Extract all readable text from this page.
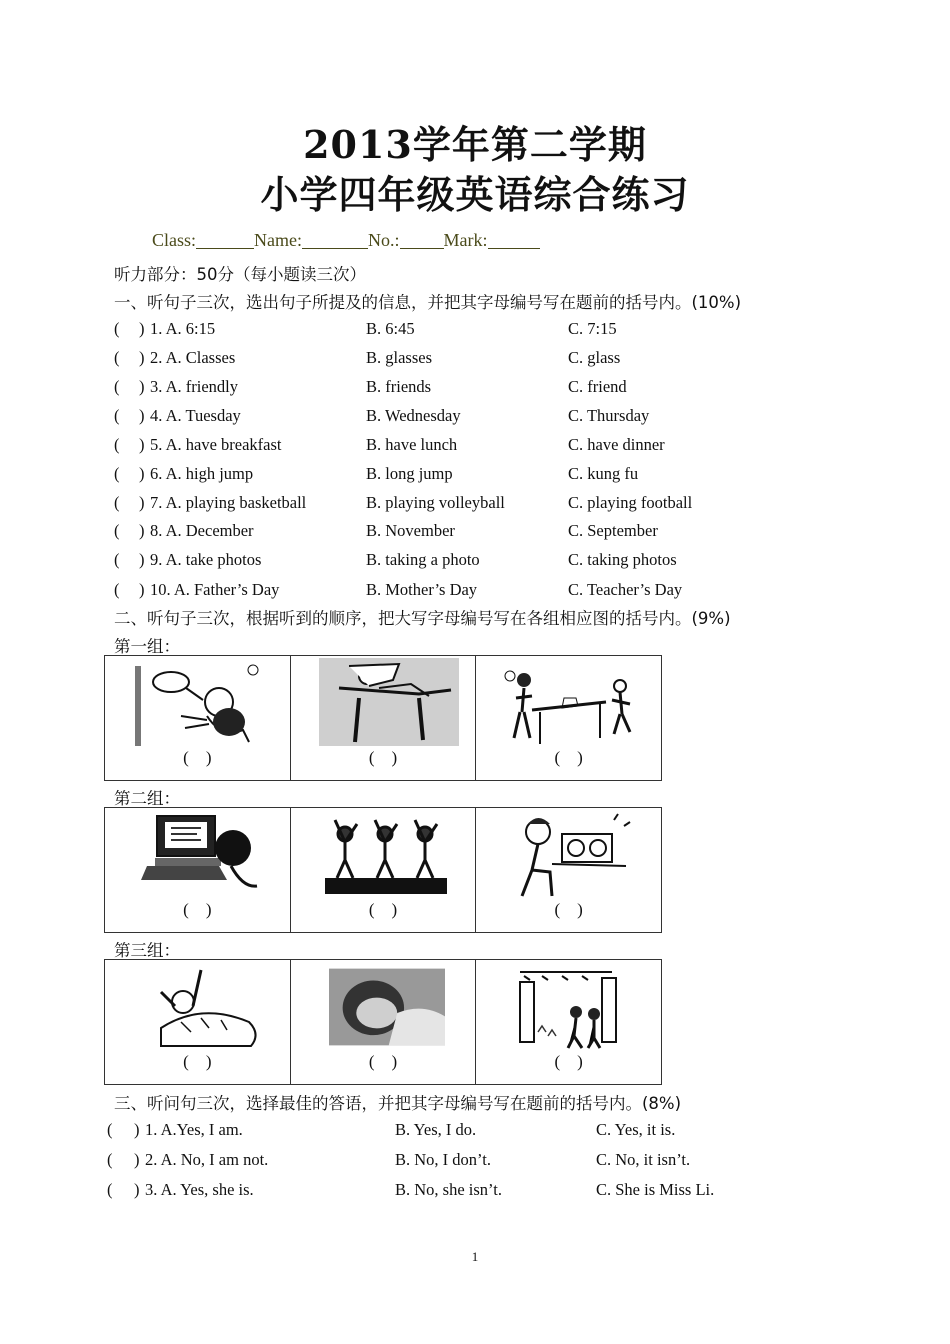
2013学年第二学期
小学四年级英语综合练习
Class:	Name:	No.: Mark:
听力部分：50分（每小题读三次）
一、听句子三次，选出句子所提及的信息，并把其字母编号写在题前的括号内。(10%)
( ) 1. A. 6:15	B. 6:45	C. 7:15
( ) 2. A. Classes	B. glasses	C. glass
( ) 3. A. friendly	B. friends	C. friend
( ) 4. A. Tuesday	B. Wednesday	C. Thursday
( ) 5. A. have breakfast	B. have lunch	C. have dinner
( ) 6. A. high jump	B. long jump	C. kung fu
( ) 7. A. playing basketball	B. playing volleyball	C. playing football
( ) 8. A. December	B. November	C. September
( ) 9. A. take photos	B. taking a photo	C. taking photos
( ) 10. A. Father’s Day	B. Mother’s Day	C. Teacher’s Day
二、听句子三次，根据听到的顺序，把大写字母编号写在各组相应图的括号内。(9%)
第一组：
(    )	(    )	(    )
第二组：
(    )	(    )	(    )
第三组：
(    )	(    )	(    )
三、听问句三次，选择最佳的答语，并把其字母编号写在题前的括号内。(8%)
( ) 1. A.Yes, I am.	B. Yes, I do.	C. Yes, it is.
( ) 2. A. No, I am not.	B. No, I don’t.	C. No, it isn’t.
( ) 3. A. Yes, she is.	B. No, she isn’t.	C. She is Miss Li.
1
